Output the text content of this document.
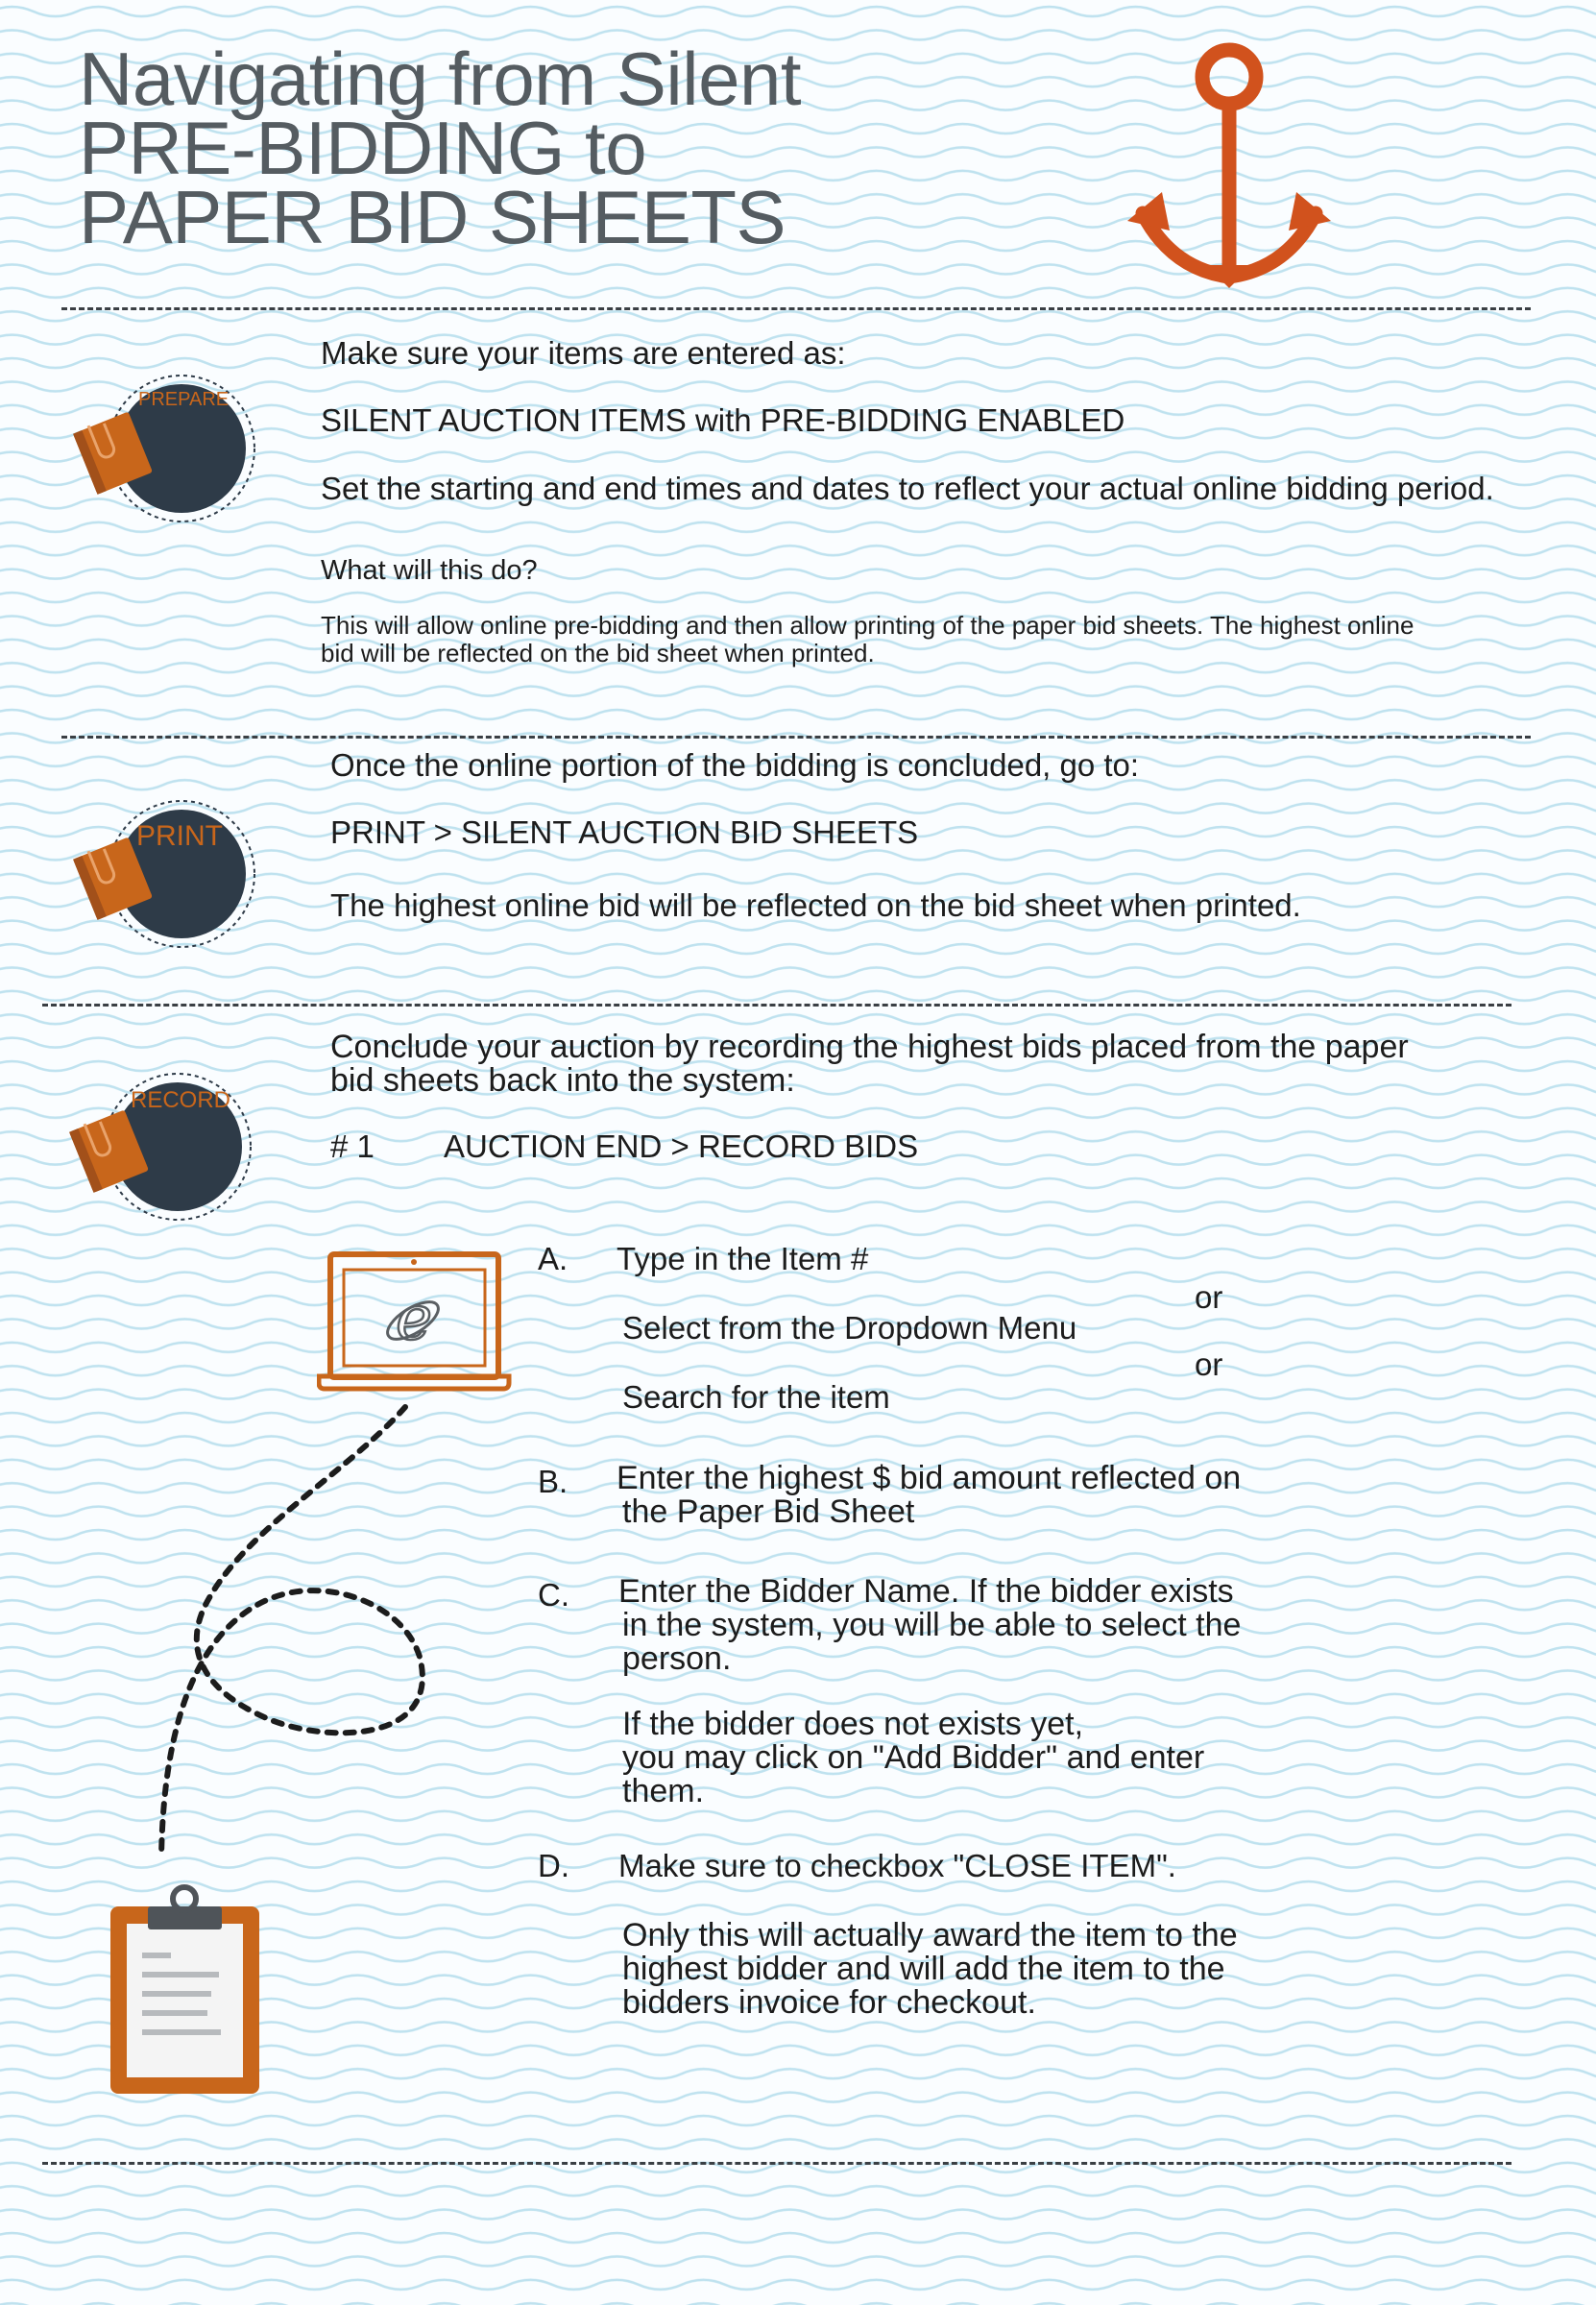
Navigating from Silent
PRE-BIDDING to
PAPER BID SHEETS
PREPARE
Make sure your items are entered as:
SILENT AUCTION ITEMS with PRE-BIDDING ENABLED
Set the starting and end times and dates to reflect your actual online bidding period.
What will this do?
This will allow online pre-bidding and then allow printing of the paper bid sheets. The highest online
bid will be reflected on the bid sheet when printed.
PRINT
Once the online portion of the bidding is concluded, go to:
PRINT > SILENT AUCTION BID SHEETS
The highest online bid will be reflected on the bid sheet when printed.
RECORD
Conclude your auction by recording the highest bids placed from the paper
bid sheets back into the system:
# 1 AUCTION END > RECORD BIDS
e
A. Type in the Item #
or
Select from the Dropdown Menu
or
Search for the item
B. Enter the highest $ bid amount reflected on
the Paper Bid Sheet
C. Enter the Bidder Name. If the bidder exists
in the system, you will be able to select the
person.
If the bidder does not exists yet,
you may click on "Add Bidder" and enter
them.
D. Make sure to checkbox "CLOSE ITEM".
Only this will actually award the item to the
highest bidder and will add the item to the
bidders invoice for checkout.
